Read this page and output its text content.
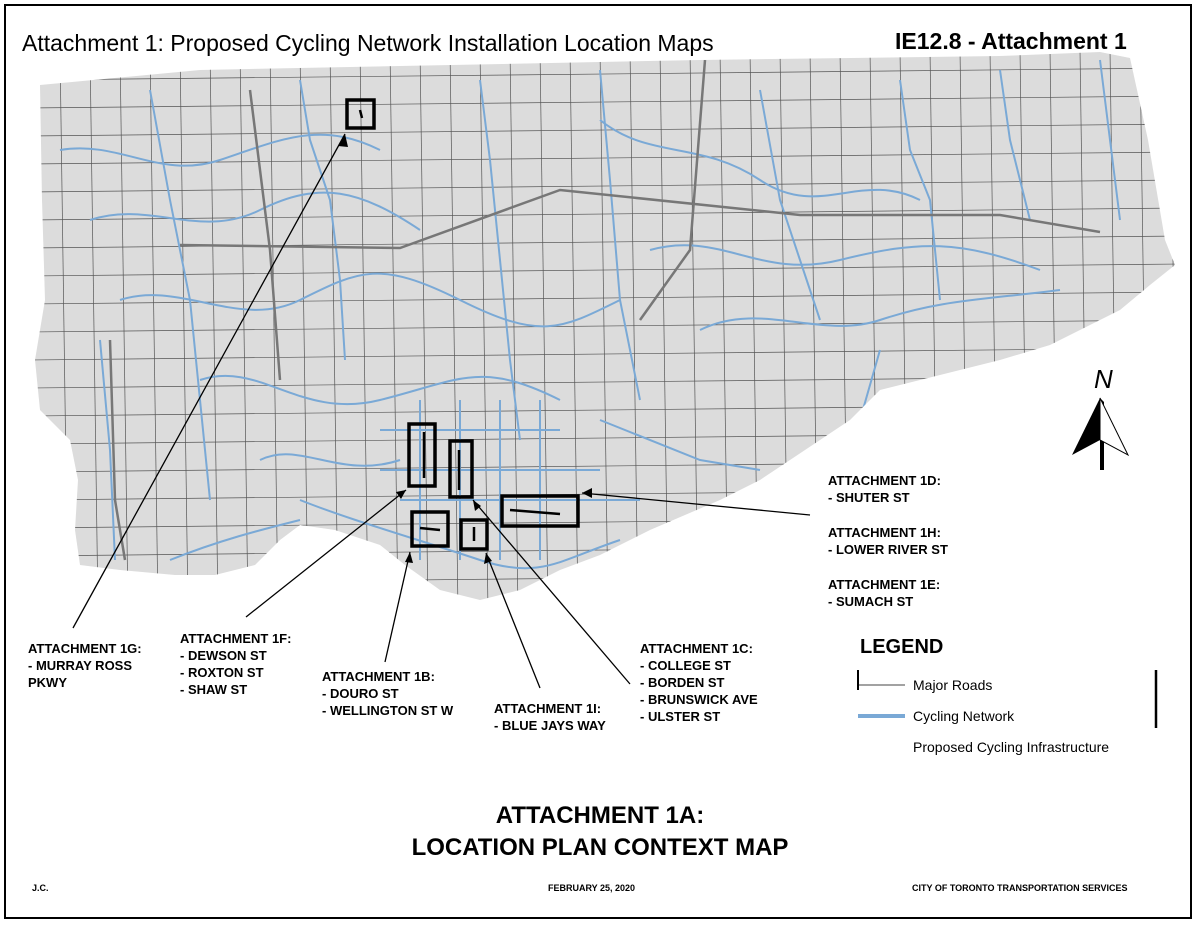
N
Attachment 1: Proposed Cycling Network Installation Location Maps	IE12.8 - Attachment 1
ATTACHMENT 1D:
- SHUTER ST
ATTACHMENT 1H:
- LOWER RIVER ST
ATTACHMENT 1E:
- SUMACH ST
ATTACHMENT 1G:
- MURRAY ROSS
PKWY
ATTACHMENT 1F:
- DEWSON ST
- ROXTON ST
- SHAW ST
ATTACHMENT 1B:
- DOURO ST
- WELLINGTON ST W	ATTACHMENT 1I:
- BLUE JAYS WAY
ATTACHMENT 1C:
- COLLEGE ST
- BORDEN ST
- BRUNSWICK AVE
- ULSTER ST
LEGEND
Major Roads
Cycling Network
Proposed Cycling Infrastructure
ATTACHMENT 1A:
LOCATION PLAN CONTEXT MAP
J.C.	FEBRUARY 25, 2020	CITY OF TORONTO TRANSPORTATION SERVICES
